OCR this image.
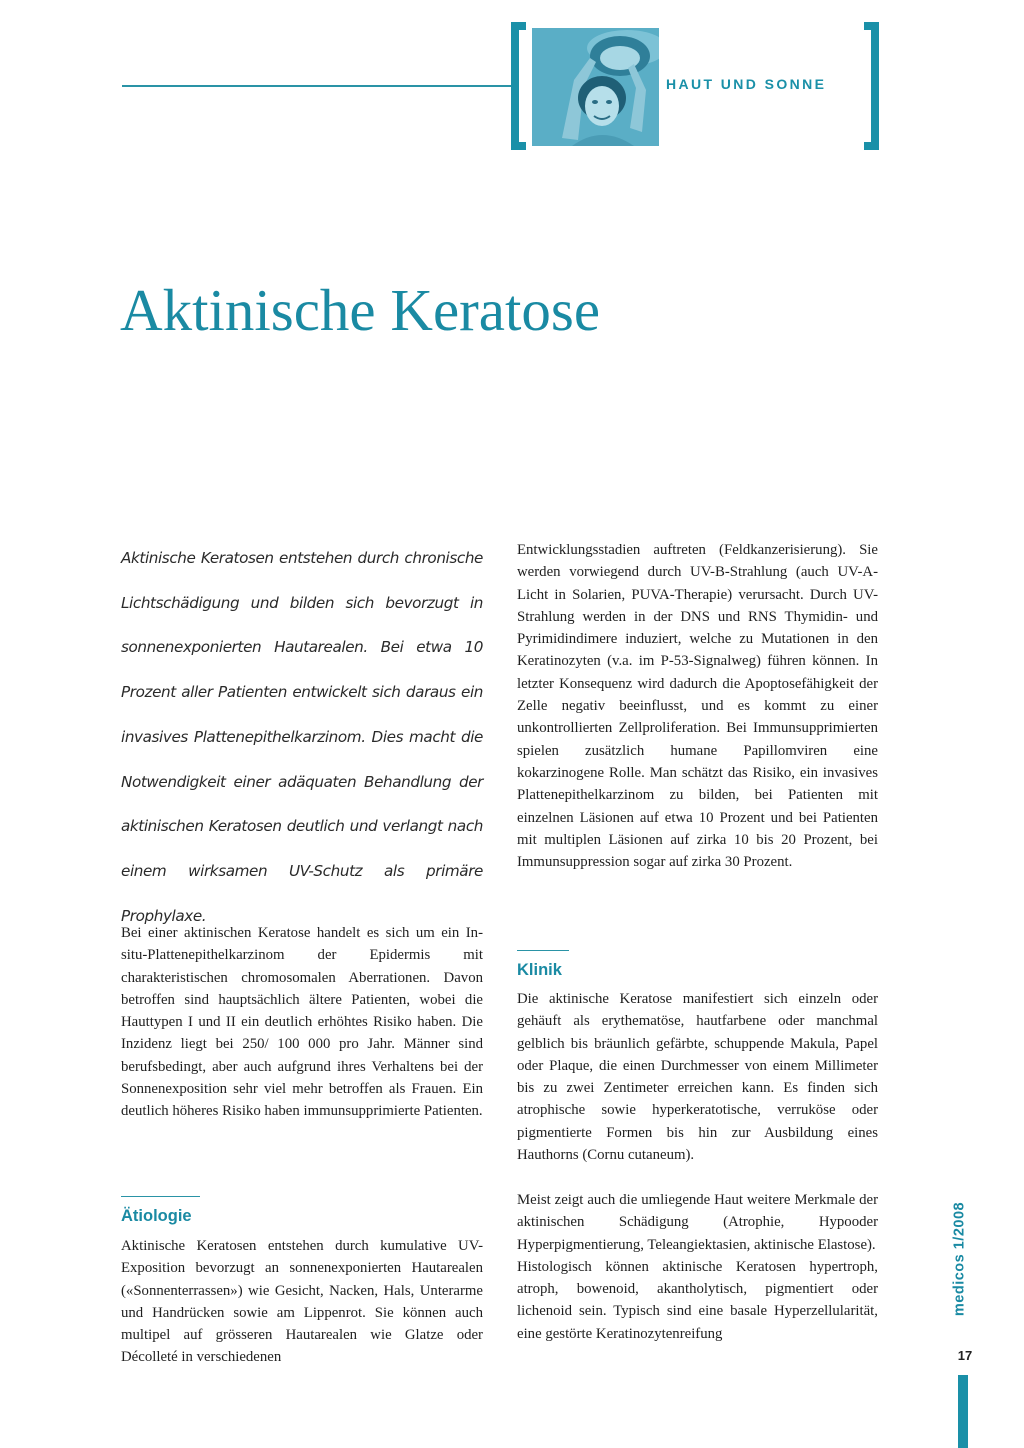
HAUT UND SONNE
Aktinische Keratose

Aktinische Keratosen entstehen durch chronische Lichtschädigung und bilden sich bevorzugt in sonnenexponierten Hautarealen. Bei etwa 10 Prozent aller Patienten entwickelt sich daraus ein invasives Plattenepithelkarzinom. Dies macht die Notwendigkeit einer adäquaten Behandlung der aktinischen Keratosen deutlich und verlangt nach einem wirksamen UV-Schutz als primäre Prophylaxe.

Bei einer aktinischen Keratose handelt es sich um ein In-situ-Plattenepithelkarzinom der Epidermis mit charakteristischen chromosomalen Aberrationen. Davon betroffen sind hauptsächlich ältere Patienten, wobei die Hauttypen I und II ein deutlich erhöhtes Risiko haben. Die Inzidenz liegt bei 250/ 100 000 pro Jahr. Männer sind berufsbedingt, aber auch aufgrund ihres Verhaltens bei der Sonnenexposition sehr viel mehr betroffen als Frauen. Ein deutlich höheres Risiko haben immunsupprimierte Patienten.

Ätiologie

Aktinische Keratosen entstehen durch kumulative UV-Exposition bevorzugt an sonnenexponierten Hautarealen («Sonnenterrassen») wie Gesicht, Nacken, Hals, Unterarme und Handrücken sowie am Lippenrot. Sie können auch multipel auf grösseren Hautarealen wie Glatze oder Décolleté in verschiedenen

Entwicklungsstadien auftreten (Feldkanzerisierung). Sie werden vorwiegend durch UV-B-Strahlung (auch UV-A-Licht in Solarien, PUVA-Therapie) verursacht. Durch UV-Strahlung werden in der DNS und RNS Thymidin- und Pyrimidindimere induziert, welche zu Mutationen in den Keratinozyten (v.a. im P-53-Signalweg) führen können. In letzter Konsequenz wird dadurch die Apoptosefähigkeit der Zelle negativ beeinflusst, und es kommt zu einer unkontrollierten Zellproliferation. Bei Immunsupprimierten spielen zusätzlich humane Papillomviren eine kokarzinogene Rolle. Man schätzt das Risiko, ein invasives Plattenepithelkarzinom zu bilden, bei Patienten mit einzelnen Läsionen auf etwa 10 Prozent und bei Patienten mit multiplen Läsionen auf zirka 10 bis 20 Prozent, bei Immunsuppression sogar auf zirka 30 Prozent.

Klinik

Die aktinische Keratose manifestiert sich einzeln oder gehäuft als erythematöse, hautfarbene oder manchmal gelblich bis bräunlich gefärbte, schuppende Makula, Papel oder Plaque, die einen Durchmesser von einem Millimeter bis zu zwei Zentimeter erreichen kann. Es finden sich atrophische sowie hyperkeratotische, verruköse oder pigmentierte Formen bis hin zur Ausbildung eines Hauthorns (Cornu cutaneum).

Meist zeigt auch die umliegende Haut weitere Merkmale der aktinischen Schädigung (Atrophie, Hypooder Hyperpigmentierung, Teleangiektasien, aktinische Elastose).
Histologisch können aktinische Keratosen hypertroph, atroph, bowenoid, akantholytisch, pigmentiert oder lichenoid sein. Typisch sind eine basale Hyperzellularität, eine gestörte Keratinozytenreifung

medicos 1/2008
17
